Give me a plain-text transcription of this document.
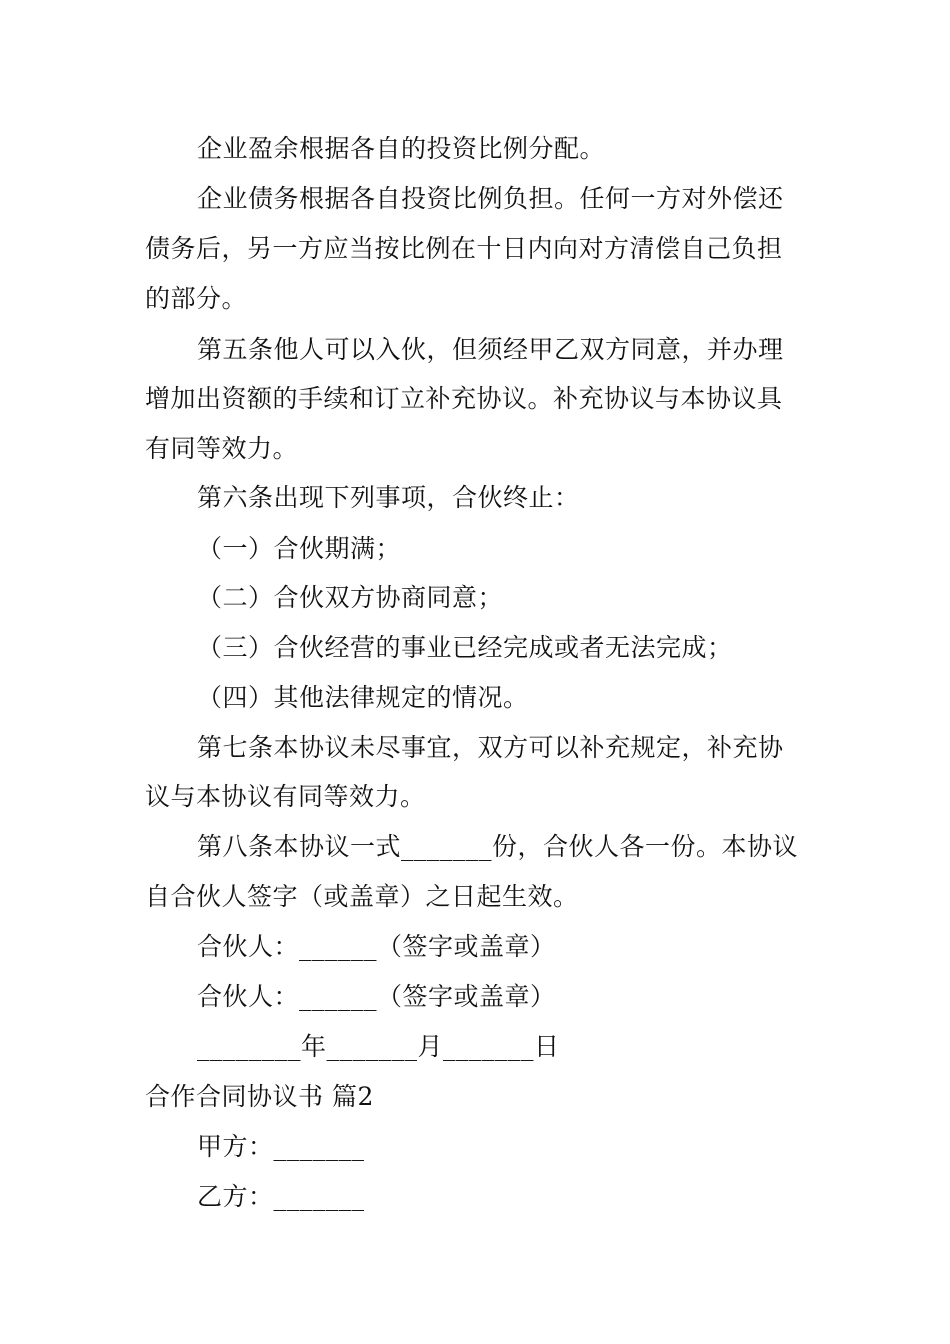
企业盈余根据各自的投资比例分配。
企业债务根据各自投资比例负担。任何一方对外偿还
债务后，另一方应当按比例在十日内向对方清偿自己负担
的部分。
第五条他人可以入伙，但须经甲乙双方同意，并办理
增加出资额的手续和订立补充协议。补充协议与本协议具
有同等效力。
第六条出现下列事项，合伙终止：
（一）合伙期满；
（二）合伙双方协商同意；
（三）合伙经营的事业已经完成或者无法完成；
（四）其他法律规定的情况。
第七条本协议未尽事宜，双方可以补充规定，补充协
议与本协议有同等效力。
第八条本协议一式_______份，合伙人各一份。本协议
自合伙人签字（或盖章）之日起生效。
合伙人：______（签字或盖章）
合伙人：______（签字或盖章）
________年_______月_______日
合作合同协议书 篇2
甲方：_______
乙方：_______
